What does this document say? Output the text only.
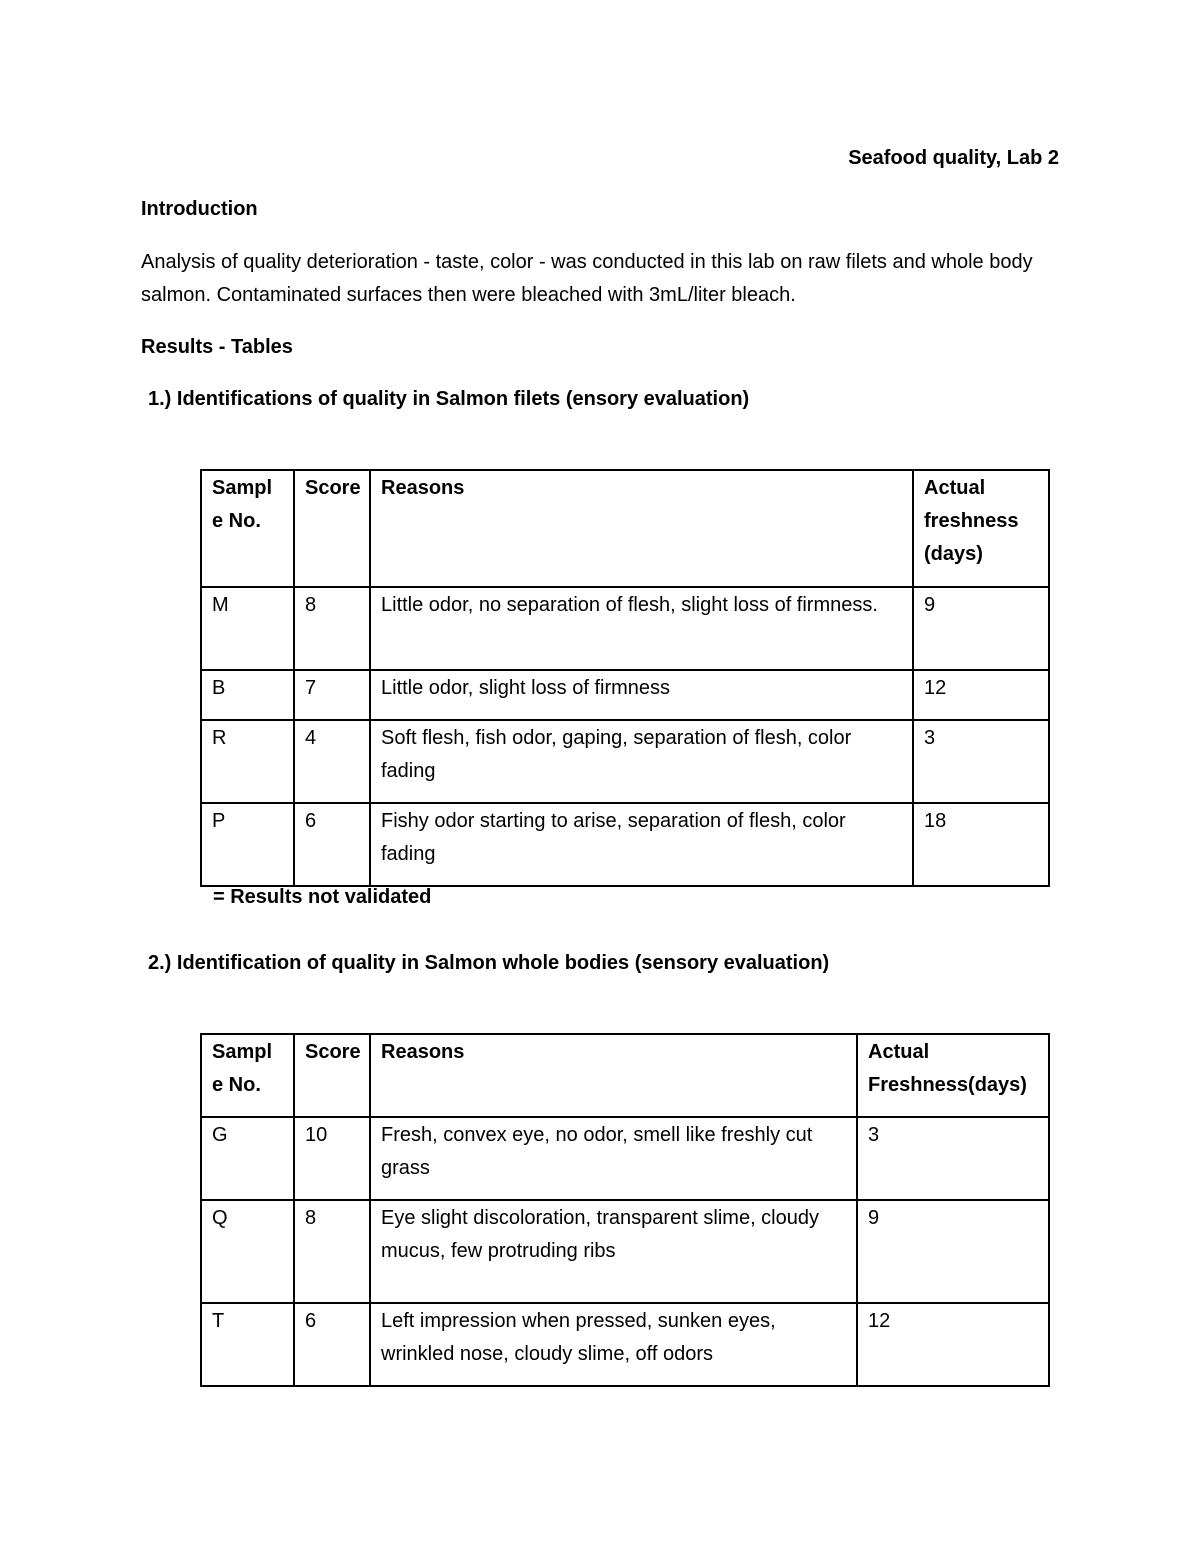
Seafood quality, Lab 2
Introduction
Analysis of quality deterioration - taste, color - was conducted in this lab on raw filets and whole body salmon. Contaminated surfaces then were bleached with 3mL/liter bleach.
Results - Tables
1.) Identifications of quality in Salmon filets (ensory evaluation)
Sampl e No.	Score	Reasons	Actual freshness (days)
M	8	Little odor, no separation of flesh, slight loss of firmness.	9
B	7	Little odor, slight loss of firmness	12
R	4	Soft flesh, fish odor, gaping, separation of flesh, color fading	3
P	6	Fishy odor starting to arise, separation of flesh, color fading	18
= Results not validated
2.) Identification of quality in Salmon whole bodies (sensory evaluation)
Sampl e No.	Score	Reasons	Actual Freshness(days)
G	10	Fresh, convex eye, no odor, smell like freshly cut grass	3
Q	8	Eye slight discoloration, transparent slime, cloudy mucus, few protruding ribs	9
T	6	Left impression when pressed, sunken eyes, wrinkled nose, cloudy slime, off odors	12
